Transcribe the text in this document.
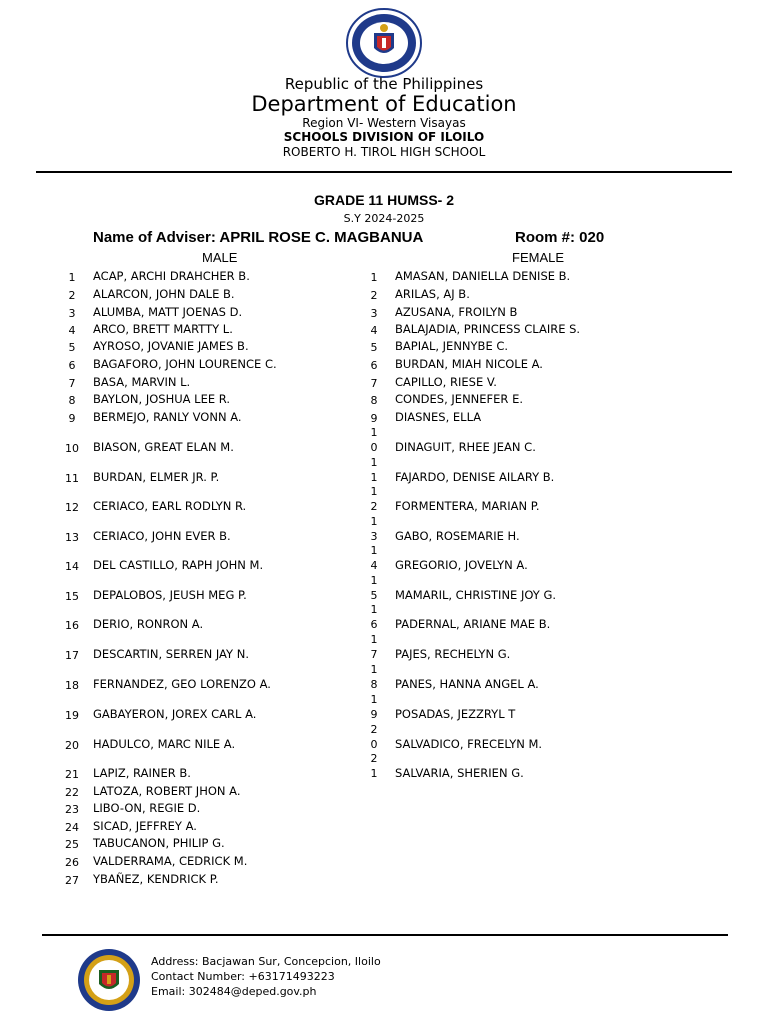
Republic of the Philippines
Department of Education
Region VI- Western Visayas
SCHOOLS DIVISION OF ILOILO
ROBERTO H. TIROL HIGH SCHOOL
GRADE 11 HUMSS- 2
S.Y 2024-2025
Name of Adviser: APRIL ROSE C. MAGBANUA	Room #: 020
MALE	FEMALE
1	ACAP, ARCHI DRAHCHER B.
2	ALARCON, JOHN DALE B.
3	ALUMBA, MATT JOENAS D.
4	ARCO, BRETT MARTTY L.
5	AYROSO, JOVANIE JAMES B.
6	BAGAFORO, JOHN LOURENCE C.
7	BASA, MARVIN L.
8	BAYLON, JOSHUA LEE R.
9	BERMEJO, RANLY VONN A.
10 BIASON, GREAT ELAN M.
11 BURDAN, ELMER JR. P.
12 CERIACO, EARL RODLYN R.
13 CERIACO, JOHN EVER B.
14 DEL CASTILLO, RAPH JOHN M.
15 DEPALOBOS, JEUSH MEG P.
16 DERIO, RONRON A.
17 DESCARTIN, SERREN JAY N.
18 FERNANDEZ, GEO LORENZO A.
19 GABAYERON, JOREX CARL A.
20 HADULCO, MARC NILE A.
21 LAPIZ, RAINER B.
22 LATOZA, ROBERT JHON A.
23 LIBO-ON, REGIE D.
24 SICAD, JEFFREY A.
25 TABUCANON, PHILIP G.
26 VALDERRAMA, CEDRICK M.
27 YBAÑEZ, KENDRICK P.
1	AMASAN, DANIELLA DENISE B.
2	ARILAS, AJ B.
3	AZUSANA, FROILYN B
4	BALAJADIA, PRINCESS CLAIRE S.
5	BAPIAL, JENNYBE C.
6	BURDAN, MIAH NICOLE A.
7	CAPILLO, RIESE V.
8	CONDES, JENNEFER E.
9	DIASNES, ELLA
10 DINAGUIT, RHEE JEAN C.
11 FAJARDO, DENISE AILARY B.
12 FORMENTERA, MARIAN P.
13 GABO, ROSEMARIE H.
14 GREGORIO, JOVELYN A.
15 MAMARIL, CHRISTINE JOY G.
16 PADERNAL, ARIANE MAE B.
17 PAJES, RECHELYN G.
18 PANES, HANNA ANGEL A.
19 POSADAS, JEZZRYL T
20 SALVADICO, FRECELYN M.
21 SALVARIA, SHERIEN G.
Address: Bacjawan Sur, Concepcion, Iloilo
Contact Number: +63171493223
Email: 302484@deped.gov.ph
